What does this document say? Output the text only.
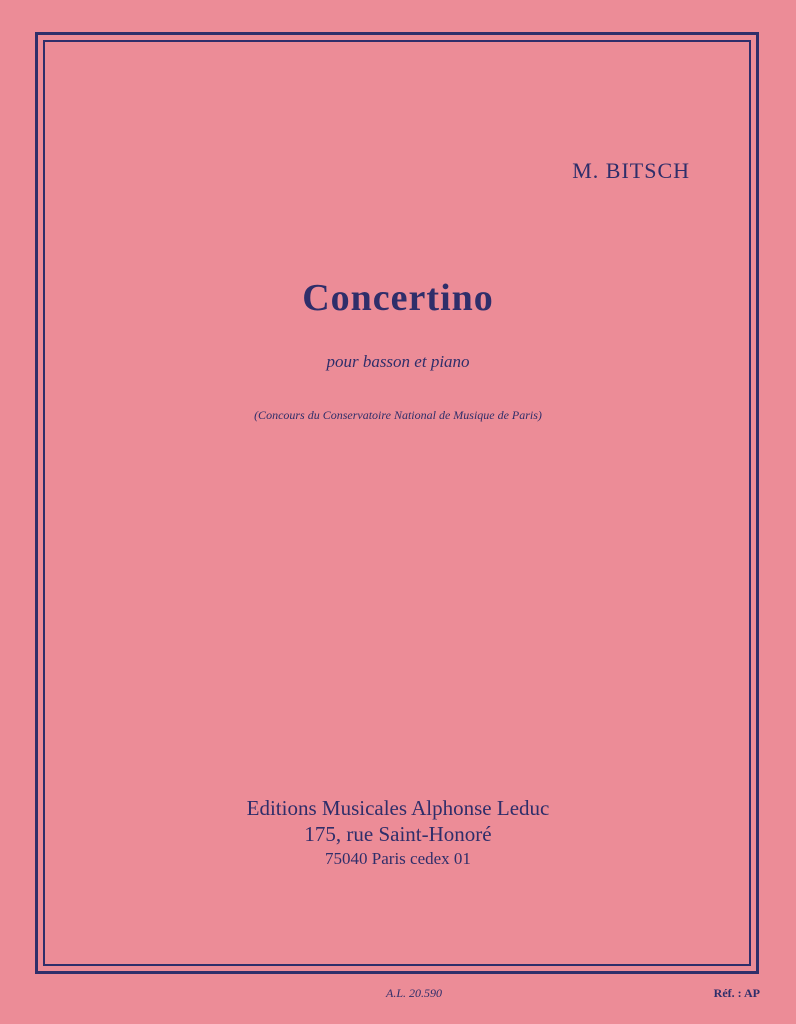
M. BITSCH
Concertino
pour basson et piano
(Concours du Conservatoire National de Musique de Paris)
Editions Musicales Alphonse Leduc
175, rue Saint-Honoré
75040 Paris cedex 01
A.L. 20.590	Réf. : AP
